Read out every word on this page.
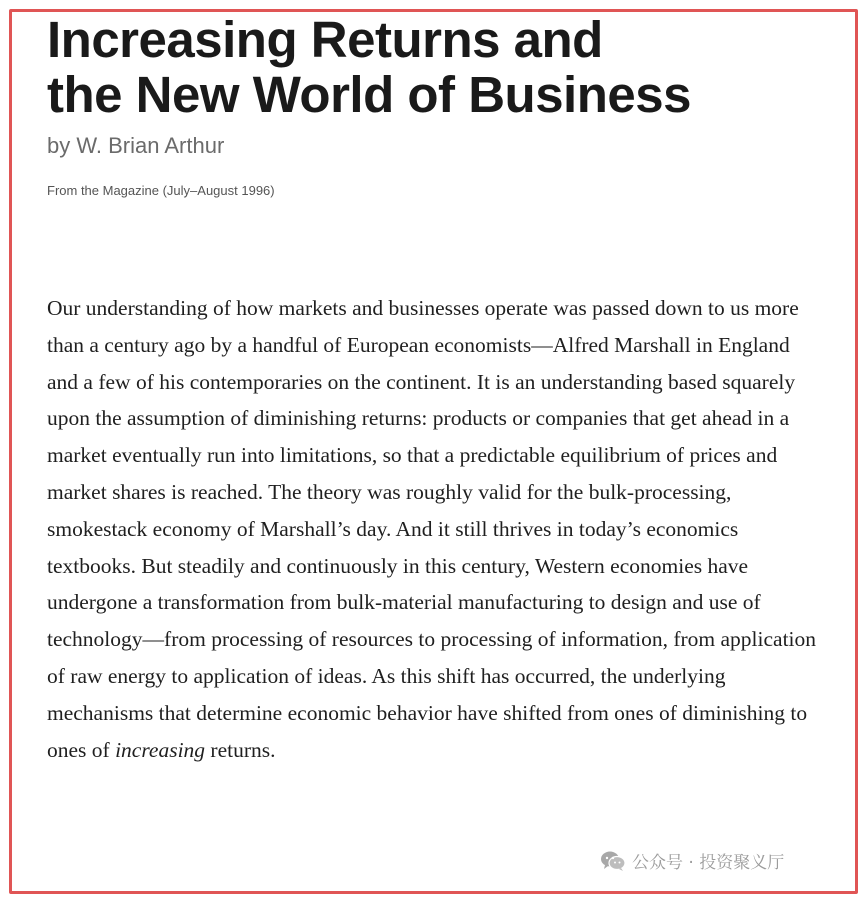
Increasing Returns and
the New World of Business
by W. Brian Arthur
From the Magazine (July–August 1996)

Our understanding of how markets and businesses operate was passed down to us more than a century ago by a handful of European economists—Alfred Marshall in England and a few of his contemporaries on the continent. It is an understanding based squarely upon the assumption of diminishing returns: products or companies that get ahead in a market eventually run into limitations, so that a predictable equilibrium of prices and market shares is reached. The theory was roughly valid for the bulk-processing, smokestack economy of Marshall’s day. And it still thrives in today’s economics textbooks. But steadily and continuously in this century, Western economies have undergone a transformation from bulk-material manufacturing to design and use of technology—from processing of resources to processing of information, from application of raw energy to application of ideas. As this shift has occurred, the underlying mechanisms that determine economic behavior have shifted from ones of diminishing to ones of increasing returns.

公众号 · 投资聚义厅
